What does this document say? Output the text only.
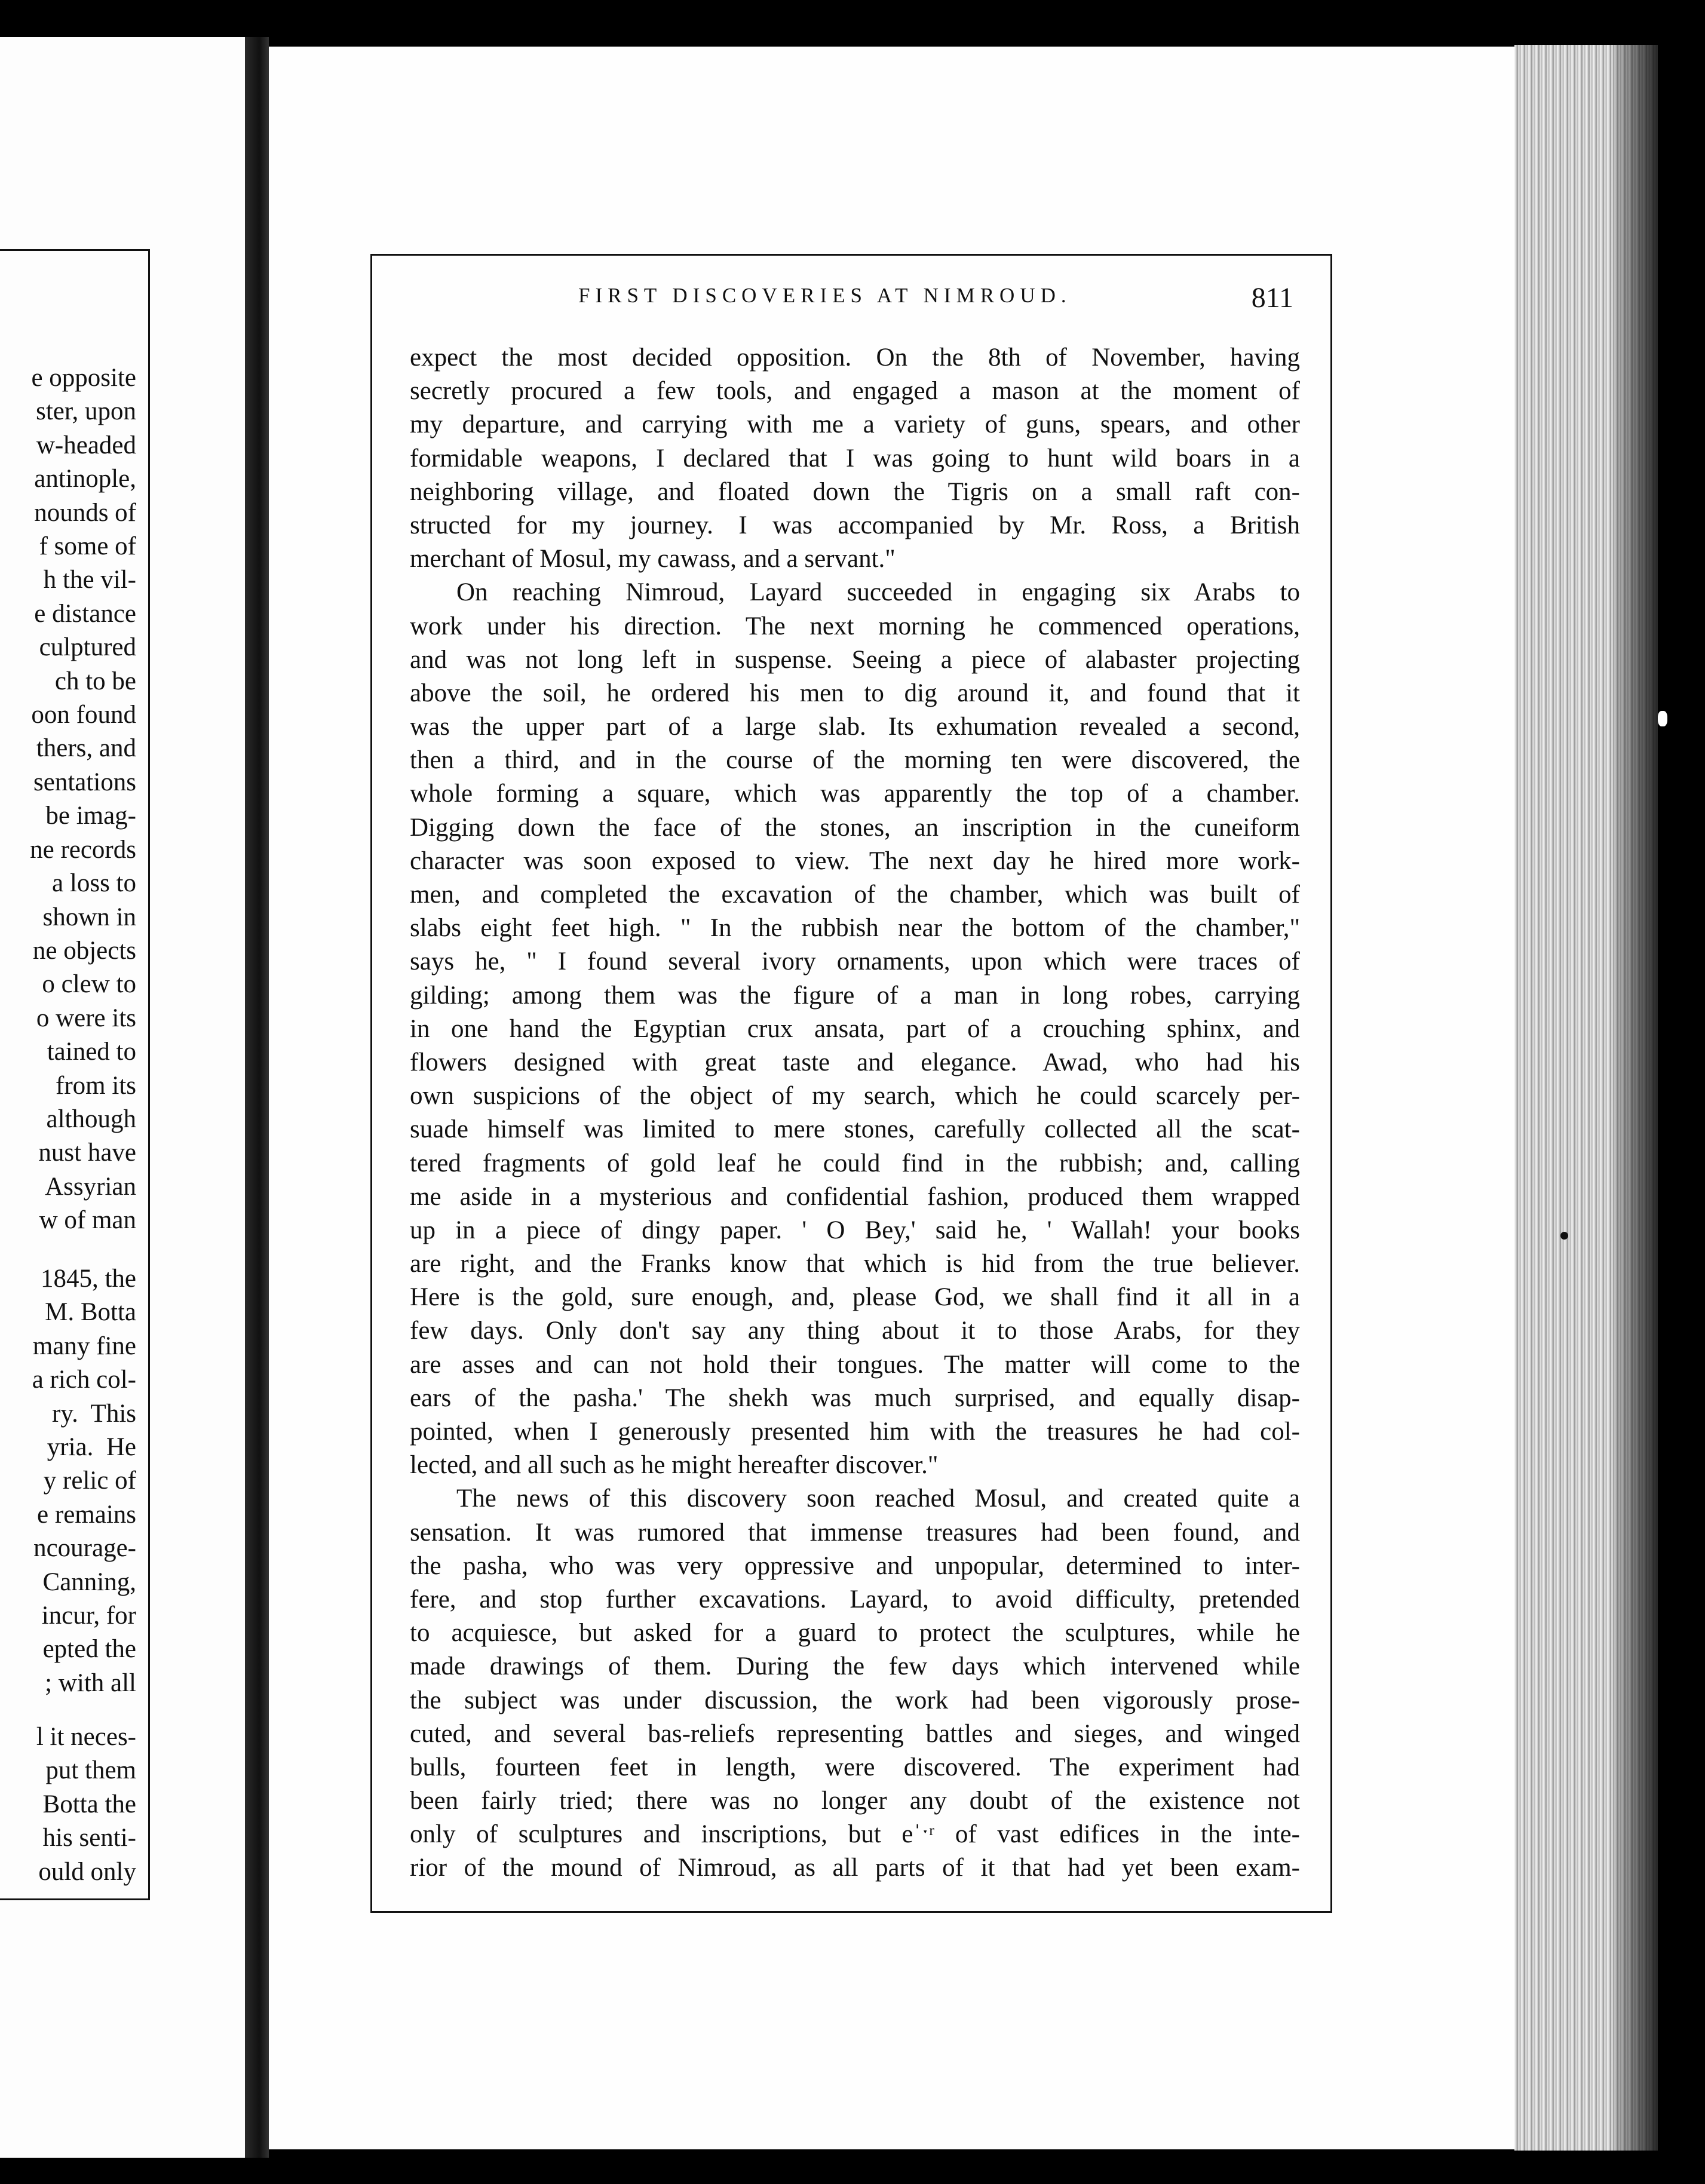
e opposite
ster, upon
w-headed
antinople,
nounds of
f some of
h the vil-
e distance
culptured
ch to be
oon found
thers, and
sentations
be imag-
ne records
a loss to
shown in
ne objects
o clew to
o were its
tained to
from its
although
nust have
Assyrian
w of man
1845, the
M. Botta
many fine
a rich col-
ry.  This
yria.  He
y relic of
e remains
ncourage-
Canning,
incur, for
epted the
; with all
l it neces-
put them
Botta the
his senti-
ould only
FIRST DISCOVERIES AT NIMROUD.	811
expect the most decided opposition. On the 8th of November, having
secretly procured a few tools, and engaged a mason at the moment of
my departure, and carrying with me a variety of guns, spears, and other
formidable weapons, I declared that I was going to hunt wild boars in a
neighboring village, and floated down the Tigris on a small raft con-
structed for my journey. I was accompanied by Mr. Ross, a British
merchant of Mosul, my cawass, and a servant."
On reaching Nimroud, Layard succeeded in engaging six Arabs to
work under his direction. The next morning he commenced operations,
and was not long left in suspense. Seeing a piece of alabaster projecting
above the soil, he ordered his men to dig around it, and found that it
was the upper part of a large slab. Its exhumation revealed a second,
then a third, and in the course of the morning ten were discovered, the
whole forming a square, which was apparently the top of a chamber.
Digging down the face of the stones, an inscription in the cuneiform
character was soon exposed to view. The next day he hired more work-
men, and completed the excavation of the chamber, which was built of
slabs eight feet high. " In the rubbish near the bottom of the chamber,"
says he, " I found several ivory ornaments, upon which were traces of
gilding; among them was the figure of a man in long robes, carrying
in one hand the Egyptian crux ansata, part of a crouching sphinx, and
flowers designed with great taste and elegance. Awad, who had his
own suspicions of the object of my search, which he could scarcely per-
suade himself was limited to mere stones, carefully collected all the scat-
tered fragments of gold leaf he could find in the rubbish; and, calling
me aside in a mysterious and confidential fashion, produced them wrapped
up in a piece of dingy paper. ' O Bey,' said he, ' Wallah! your books
are right, and the Franks know that which is hid from the true believer.
Here is the gold, sure enough, and, please God, we shall find it all in a
few days. Only don't say any thing about it to those Arabs, for they
are asses and can not hold their tongues. The matter will come to the
ears of the pasha.' The shekh was much surprised, and equally disap-
pointed, when I generously presented him with the treasures he had col-
lected, and all such as he might hereafter discover."
The news of this discovery soon reached Mosul, and created quite a
sensation. It was rumored that immense treasures had been found, and
the pasha, who was very oppressive and unpopular, determined to inter-
fere, and stop further excavations. Layard, to avoid difficulty, pretended
to acquiesce, but asked for a guard to protect the sculptures, while he
made drawings of them. During the few days which intervened while
the subject was under discussion, the work had been vigorously prose-
cuted, and several bas-reliefs representing battles and sieges, and winged
bulls, fourteen feet in length, were discovered. The experiment had
been fairly tried; there was no longer any doubt of the existence not
only of sculptures and inscriptions, but eˈˑʳ of vast edifices in the inte-
rior of the mound of Nimroud, as all parts of it that had yet been exam-
